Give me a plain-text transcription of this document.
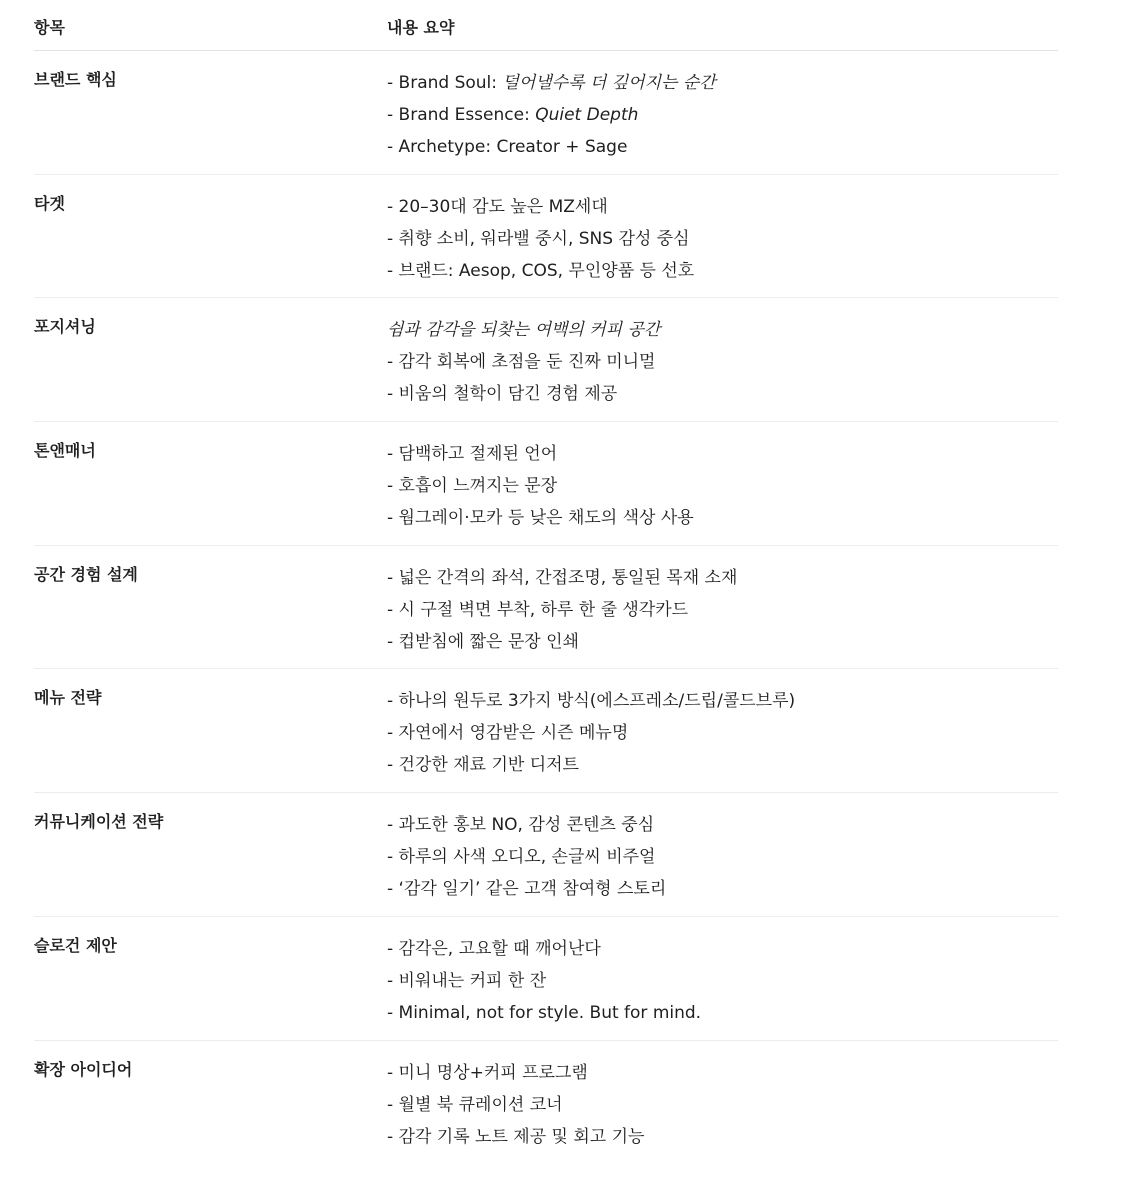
항목	내용 요약
브랜드 핵심	- Brand Soul: 덜어낼수록 더 깊어지는 순간
- Brand Essence: Quiet Depth
- Archetype: Creator + Sage
타겟	- 20–30대 감도 높은 MZ세대
- 취향 소비, 워라밸 중시, SNS 감성 중심
- 브랜드: Aesop, COS, 무인양품 등 선호
포지셔닝	쉼과 감각을 되찾는 여백의 커피 공간
- 감각 회복에 초점을 둔 진짜 미니멀
- 비움의 철학이 담긴 경험 제공
톤앤매너	- 담백하고 절제된 언어
- 호흡이 느껴지는 문장
- 웜그레이·모카 등 낮은 채도의 색상 사용
공간 경험 설계	- 넓은 간격의 좌석, 간접조명, 통일된 목재 소재
- 시 구절 벽면 부착, 하루 한 줄 생각카드
- 컵받침에 짧은 문장 인쇄
메뉴 전략	- 하나의 원두로 3가지 방식(에스프레소/드립/콜드브루)
- 자연에서 영감받은 시즌 메뉴명
- 건강한 재료 기반 디저트
커뮤니케이션 전략	- 과도한 홍보 NO, 감성 콘텐츠 중심
- 하루의 사색 오디오, 손글씨 비주얼
- ‘감각 일기’ 같은 고객 참여형 스토리
슬로건 제안	- 감각은, 고요할 때 깨어난다
- 비워내는 커피 한 잔
- Minimal, not for style. But for mind.
확장 아이디어	- 미니 명상+커피 프로그램
- 월별 북 큐레이션 코너
- 감각 기록 노트 제공 및 회고 기능
